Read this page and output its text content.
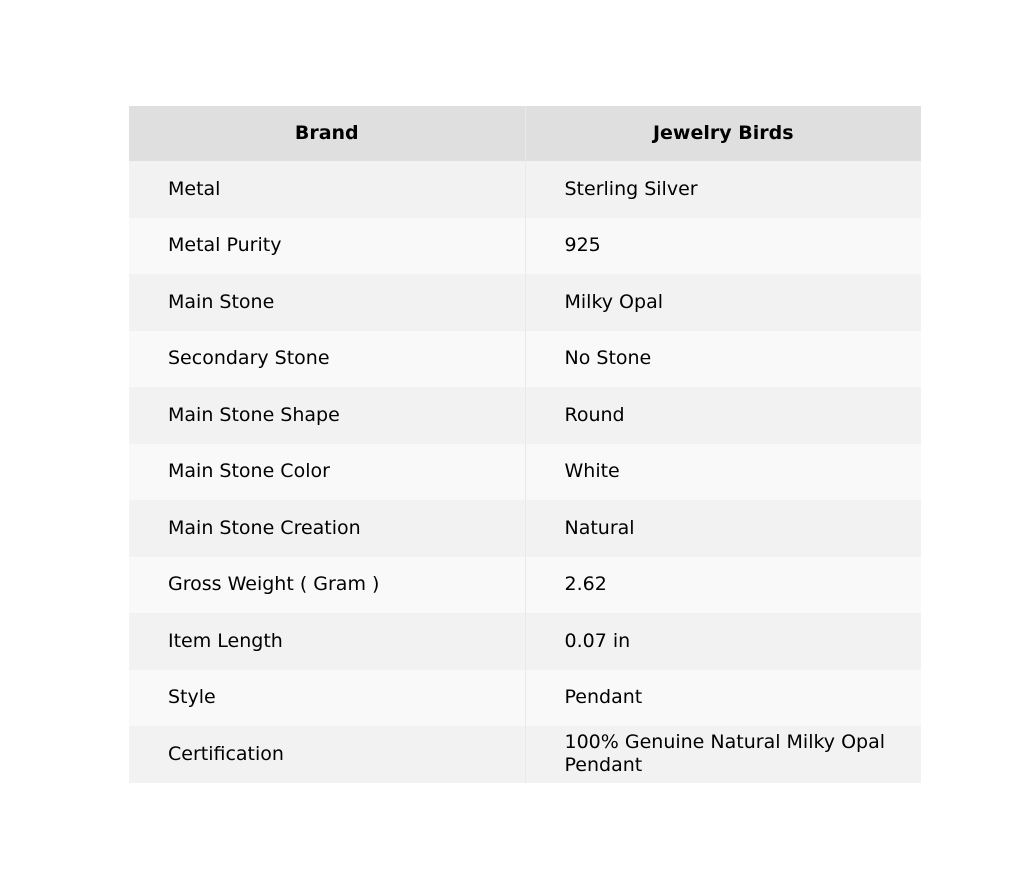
Brand	Jewelry Birds
Metal	Sterling Silver
Metal Purity	925
Main Stone	Milky Opal
Secondary Stone	No Stone
Main Stone Shape	Round
Main Stone Color	White
Main Stone Creation	Natural
Gross Weight ( Gram )	2.62
Item Length	0.07 in
Style	Pendant
Certification	100% Genuine Natural Milky Opal Pendant
